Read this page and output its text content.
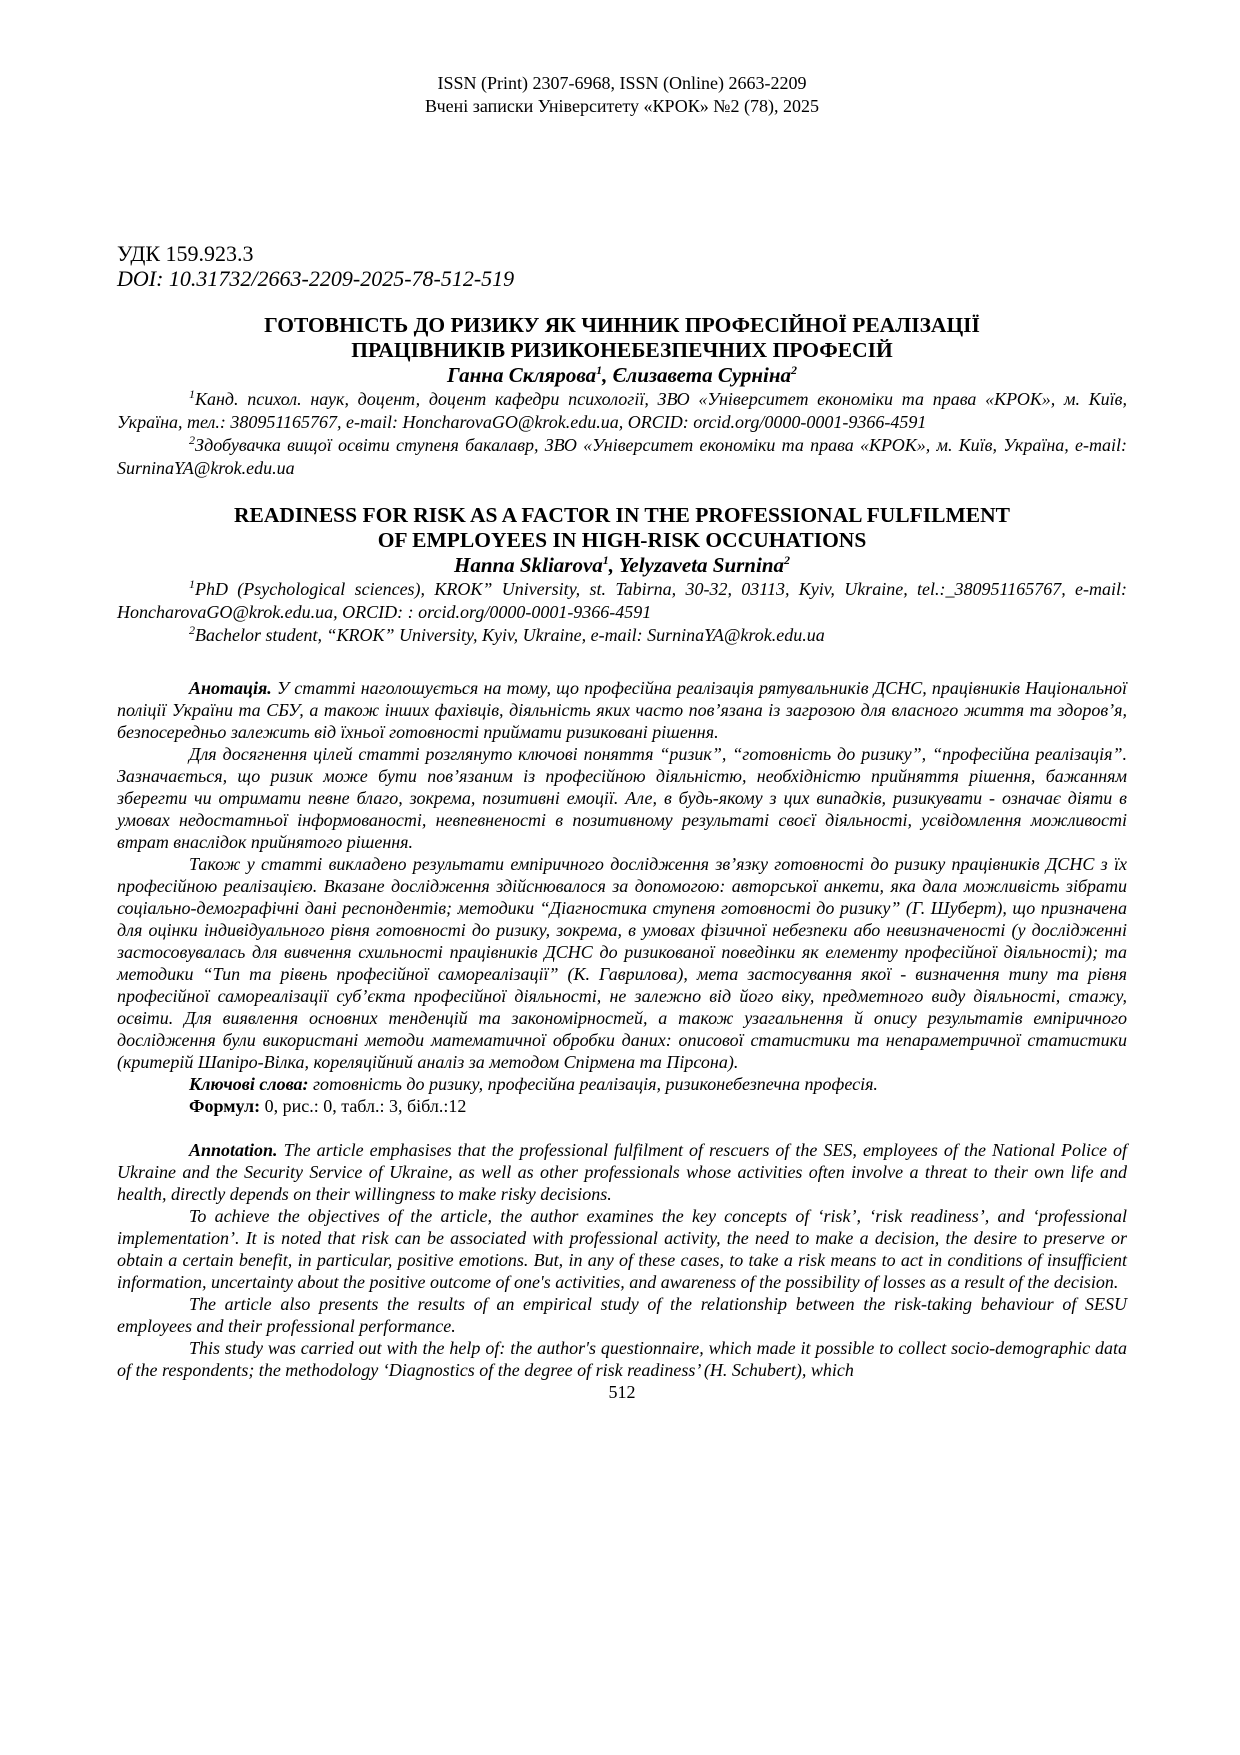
ISSN (Print) 2307-6968, ISSN (Online) 2663-2209
Вчені записки Університету «КРОК» №2 (78), 2025
УДК 159.923.3
DOI: 10.31732/2663-2209-2025-78-512-519
ГОТОВНІСТЬ ДО РИЗИКУ ЯК ЧИННИК ПРОФЕСІЙНОЇ РЕАЛІЗАЦІЇ
ПРАЦІВНИКІВ РИЗИКОНЕБЕЗПЕЧНИХ ПРОФЕСІЙ
Ганна Склярова$^1$, Єлизавета Сурніна$^2$
$^1$Канд. психол. наук, доцент, доцент кафедри психології, ЗВО «Університет економіки та права «КРОК», м. Київ, Україна, тел.: 380951165767, e-mail: HoncharovaGO@krok.edu.ua, ORCID: orcid.org/0000-0001-9366-4591
$^2$Здобувачка вищої освіти ступеня бакалавр, ЗВО «Університет економіки та права «КРОК», м. Київ, Україна, e-mail: SurninaYA@krok.edu.ua
READINESS FOR RISK AS A FACTOR IN THE PROFESSIONAL FULFILMENT
OF EMPLOYEES IN HIGH-RISK OCCUHATIONS
Hanna Skliarova$^1$, Yelyzaveta Surnina$^2$
$^1$PhD (Psychological sciences), KROK” University, st. Tabirna, 30-32, 03113, Kyiv, Ukraine, tel.:_380951165767, e-mail: HoncharovaGO@krok.edu.ua, ORCID: : orcid.org/0000-0001-9366-4591
$^2$Bachelor student, “KROK” University, Kyiv, Ukraine, e-mail: SurninaYA@krok.edu.ua

Анотація. У статті наголошується на тому, що професійна реалізація рятувальників ДСНС, працівників Національної поліції України та СБУ, а також інших фахівців, діяльність яких часто пов’язана із загрозою для власного життя та здоров’я, безпосередньо залежить від їхньої готовності приймати ризиковані рішення.

Для досягнення цілей статті розглянуто ключові поняття “ризик”, “готовність до ризику”, “професійна реалізація”. Зазначається, що ризик може бути пов’язаним із професійною діяльністю, необхідністю прийняття рішення, бажанням зберегти чи отримати певне благо, зокрема, позитивні емоції. Але, в будь-якому з цих випадків, ризикувати - означає діяти в умовах недостатньої інформованості, невпевненості в позитивному результаті своєї діяльності, усвідомлення можливості втрат внаслідок прийнятого рішення.

Також у статті викладено результати емпіричного дослідження зв’язку готовності до ризику працівників ДСНС з їх професійною реалізацією. Вказане дослідження здійснювалося за допомогою: авторської анкети, яка дала можливість зібрати соціально-демографічні дані респондентів; методики “Діагностика ступеня готовності до ризику” (Г. Шуберт), що призначена для оцінки індивідуального рівня готовності до ризику, зокрема, в умовах фізичної небезпеки або невизначеності (у дослідженні застосовувалась для вивчення схильності працівників ДСНС до ризикованої поведінки як елементу професійної діяльності); та методики “Тип та рівень професійної самореалізації” (К. Гаврилова), мета застосування якої - визначення типу та рівня професійної самореалізації суб’єкта професійної діяльності, не залежно від його віку, предметного виду діяльності, стажу, освіти. Для виявлення основних тенденцій та закономірностей, а також узагальнення й опису результатів емпіричного дослідження були використані методи математичної обробки даних: описової статистики та непараметричної статистики (критерій Шапіро-Вілка, кореляційний аналіз за методом Спірмена та Пірсона).

Ключові слова: готовність до ризику, професійна реалізація, ризиконебезпечна професія.

Формул: 0, рис.: 0, табл.: 3, бібл.:12

Annotation. The article emphasises that the professional fulfilment of rescuers of the SES, employees of the National Police of Ukraine and the Security Service of Ukraine, as well as other professionals whose activities often involve a threat to their own life and health, directly depends on their willingness to make risky decisions.

To achieve the objectives of the article, the author examines the key concepts of ‘risk’, ‘risk readiness’, and ‘professional implementation’. It is noted that risk can be associated with professional activity, the need to make a decision, the desire to preserve or obtain a certain benefit, in particular, positive emotions. But, in any of these cases, to take a risk means to act in conditions of insufficient information, uncertainty about the positive outcome of one's activities, and awareness of the possibility of losses as a result of the decision.

The article also presents the results of an empirical study of the relationship between the risk-taking behaviour of SESU employees and their professional performance.

This study was carried out with the help of: the author's questionnaire, which made it possible to collect socio-demographic data of the respondents; the methodology ‘Diagnostics of the degree of risk readiness’ (H. Schubert), which

512
